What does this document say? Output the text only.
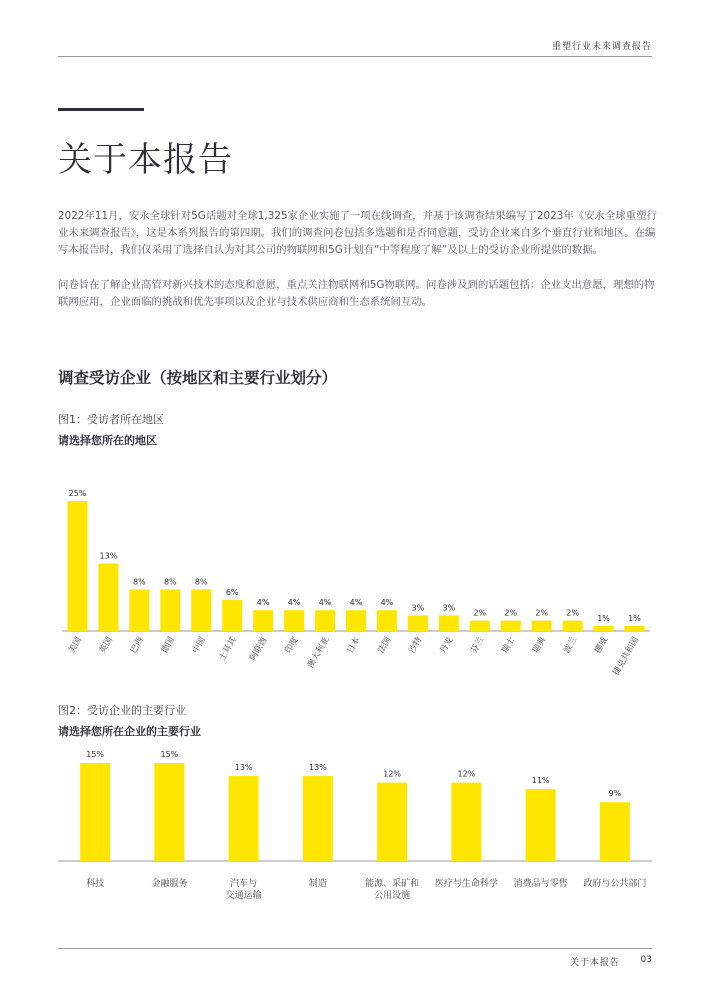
重塑行业未来调查报告
关于本报告

2022年11月，安永全球针对5G话题对全球1,325家企业实施了一项在线调查，并基于该调查结果编写了2023年《安永全球重塑行业未来调查报告》，这是本系列报告的第四期。我们的调查问卷包括多选题和是否同意题，受访企业来自多个垂直行业和地区。在编写本报告时，我们仅采用了选择自认为对其公司的物联网和5G计划有“中等程度了解”及以上的受访企业所提供的数据。

问卷旨在了解企业高管对新兴技术的态度和意愿，重点关注物联网和5G物联网。问卷涉及到的话题包括：企业支出意愿，理想的物联网应用，企业面临的挑战和优先事项以及企业与技术供应商和生态系统间互动。

调查受访企业（按地区和主要行业划分）
图1：受访者所在地区
请选择您所在的地区
25%
美国
13%
英国
8%
巴西
8%
德国
8%
中国
6%
土耳其
4%
阿联酋
4%
印度
4%
澳大利亚
4%
日本
4%
法国
3%
沙特
3%
丹麦
2%
芬兰
2%
瑞士
2%
瑞典
2%
波兰
1%
挪威
1%
捷克共和国
图2：受访企业的主要行业
请选择您所在企业的主要行业
15%
科技
15%
金融服务
13%
汽车与
交通运输
13%
制造
12%
能源、采矿和
公用设施
12%
医疗与生命科学
11%
消费品与零售
9%
政府与公共部门
关于本报告 03
